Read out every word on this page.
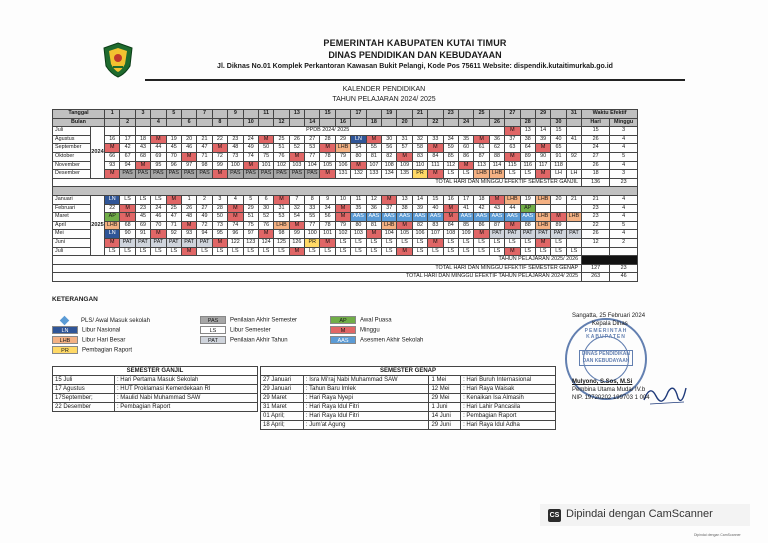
PEMERINTAH KABUPATEN KUTAI TIMUR
DINAS PENDIDIKAN DAN KEBUDAYAAN
Jl. Diknas No.01 Komplek Perkantoran Kawasan Bukit Pelangi, Kode Pos 75611 Website: dispendik.kutaitimurkab.go.id
KALENDER PENDIDIKAN
TAHUN PELAJARAN 2024/ 2025
Tanggal		1		3		5		7		9		11		13		15		17		19		21		23		25		27		29		31	Waktu Efektif	
Bulan			2		4		6		8		10		12		14		16		18		20		22		24		26		28		30		Hari	Minggu
Juli	2024				PPDB 2024/ 2025																							M	13	14	15		15	3
Agustus		16	17	18	M	19	20	21	22	23	24	M	25	26	27	28	29	LN	M	30	31	32	33	34	35	M	36	37	38	39	40	41	26	4
September		M	42	43	44	45	46	47	M	48	49	50	51	52	53	M	LHB	54	55	56	57	58	M	59	60	61	62	63	64	M	65		24	4
Oktober		66	67	68	69	70	M	71	72	73	74	75	76	M	77	78	79	80	81	82	M	83	84	85	86	87	88	M	89	90	91	92	27	5
November		93	94	M	95	96	97	98	99	100	M	101	102	103	104	105	106	M	107	108	109	110	111	112	M	113	114	115	116	117	118		26	4
Desember		M	PAS	PAS	PAS	PAS	PAS	PAS	M	PAS	PAS	PAS	PAS	PAS	PAS	M	131	132	133	134	135	PR	M	LS	LS	LHB	LHB	LS	LS	M	LH	LH	18	3
TOTAL HARI DAN MINGGU EFEKTIF SEMESTER GANJIL																																	136	23

Januari	2025	LN	LS	LS	LS	M	1	2	3	4	5	6	M	7	8	9	10	11	12	M	13	14	15	16	17	18	M	LHB	19	LHB	20	21	21	4
Februari		22	M	23	24	25	26	27	28	M	29	30	31	32	33	34	M	35	36	37	38	39	40	M	41	42	43	44	AP				23	4
Maret		AP	M	45	46	47	48	49	50	M	51	52	53	54	55	56	M	AAS	AAS	AAS	AAS	AAS	AAS	M	AAS	AAS	AAS	AAS	AAS	LHB	M	LHB	23	4
April		LHB	68	69	70	71	M	72	73	74	75	76	LHB	M	77	78	79	80	81	LHB	M	82	83	84	85	86	87	M	88	LHB	89		22	5
Mei		LN	90	91	M	92	93	94	95	96	97	M	98	99	100	101	102	103	M	104	105	106	107	108	109	M	PAT	PAT	PAT	PAT	PAT	PAT	26	4
Juni		M	PAT	PAT	PAT	PAT	PAT	PAT	M	122	123	124	125	126	PR	M	LS	LS	LS	LS	LS	LS	M	LS	LS	LS	LS	LS	LS	M	LS		12	2
Juli		LS	LS	LS	LS	LS	M	LS	LS	LS	LS	LS	LS	M	LS	LS	LS	LS	LS	LS	M	LS	LS	LS	LS	LS	LS	M	LS	LS	LS	LS		
TAHUN PELAJARAN 2025/ 2026																																		
TOTAL HARI DAN MINGGU EFEKTIF SEMESTER GENAP																																	127	23
TOTAL HARI DAN MINGGU EFEKTIF TAHUN PELAJARAN 2024/ 2025																																	263	46
KETERANGAN
PLS/ Awal Masuk sekolah
LN Libur Nasional
LHB Libur Hari Besar
PR Pembagian Raport
PAS Penilaian Akhir Semester
LS Libur Semester
PAT Penilaian Akhir Tahun
AP Awal Puasa
M Minggu
AAS Asesmen Akhir Sekolah
SEMESTER GANJIL	
15 Juli	: Hari Pertama Masuk Sekolah
17 Agustus	: HUT Proklamasi Kemerdekaan RI
17September;	: Maulid Nabi Muhammad SAW
22 Desember	: Pembagian Raport
SEMESTER GENAP			
27 Januari	: Isra Mi'raj Nabi Muhammad SAW	1 Mei	: Hari Buruh Internasional
29 Januari	: Tahun Baru Imlek	12 Mei	: Hari Raya Waisak
29 Maret	: Hari Raya Nyepi	29 Mei	: Kenaikan Isa Almasih
31 Maret	: Hari Raya Idul Fitri	1 Juni	: Hari Lahir Pancasila
01 April;	: Hari Raya Idul Fitri	14 Juni	: Pembagian Raport
18 April;	: Jum'at Agung	29 Juni	: Hari Raya Idul Adha
PEMERINTAH KABUPATEN
DINAS PENDIDIKAN DAN KEBUDAYAAN
Sangatta, 25 Februari 2024
Kepala Dinas
Mulyono, S.Sos, M.Si
Pembina Utama Muda/ IV.b
NIP. 19720202 199703 1 004
CS Dipindai dengan CamScanner
Dipindai dengan CamScanner
